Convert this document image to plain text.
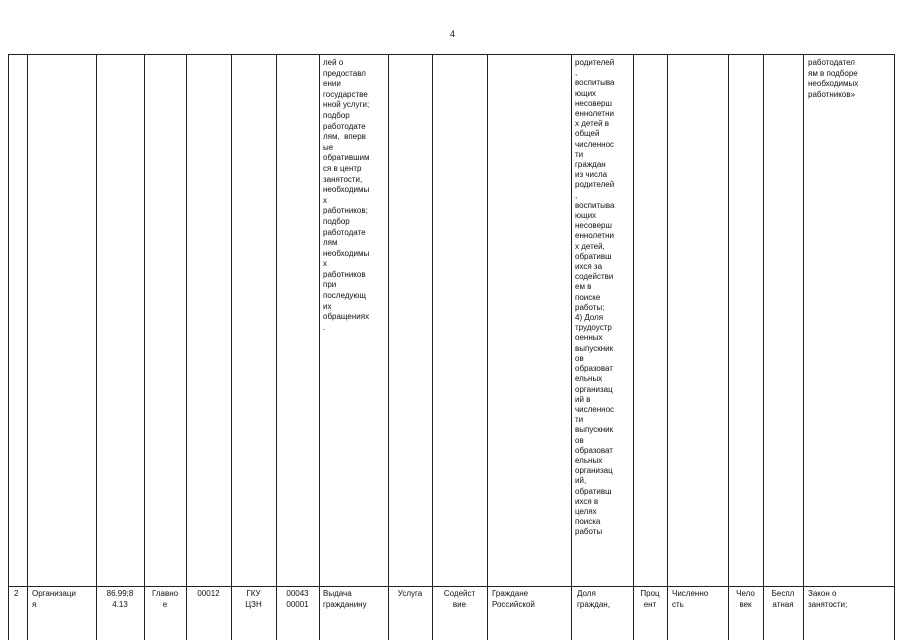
4
лей о
предоставл
ении
государстве
нной услуги;
подбор
работодате
лям,  вперв
ые
обратившим
ся в центр
занятости,
необходимы
х
работников;
подбор
работодате
лям
необходимы
х
работников
при
последующ
их
обращениях
.
родителей
,
воспитыва
ющих
несоверш
еннолетни
х детей в
общей
численнос
ти
граждан
из числа
родителей
,
воспитыва
ющих
несоверш
еннолетни
х детей,
обративш
ихся за
содействи
ем в
поиске
работы;
4) Доля
трудоустр
оенных
выпускник
ов
образоват
ельных
организац
ий в
численнос
ти
выпускник
ов
образоват
ельных
организац
ий,
обративш
ихся в
целях
поиска
работы
работодател
ям в подборе
необходимых
работников»
2 Организаци
я
86.99;8
4.13
Главно
е
00012	ГКУ
ЦЗН
00043
00001
Выдача
гражданину
Услуга	Содейст
вие
Граждане
Российской
Доля
граждан,
Проц
ент
Численно
сть
Чело
век
Беспл
атная
Закон о
занятости;
